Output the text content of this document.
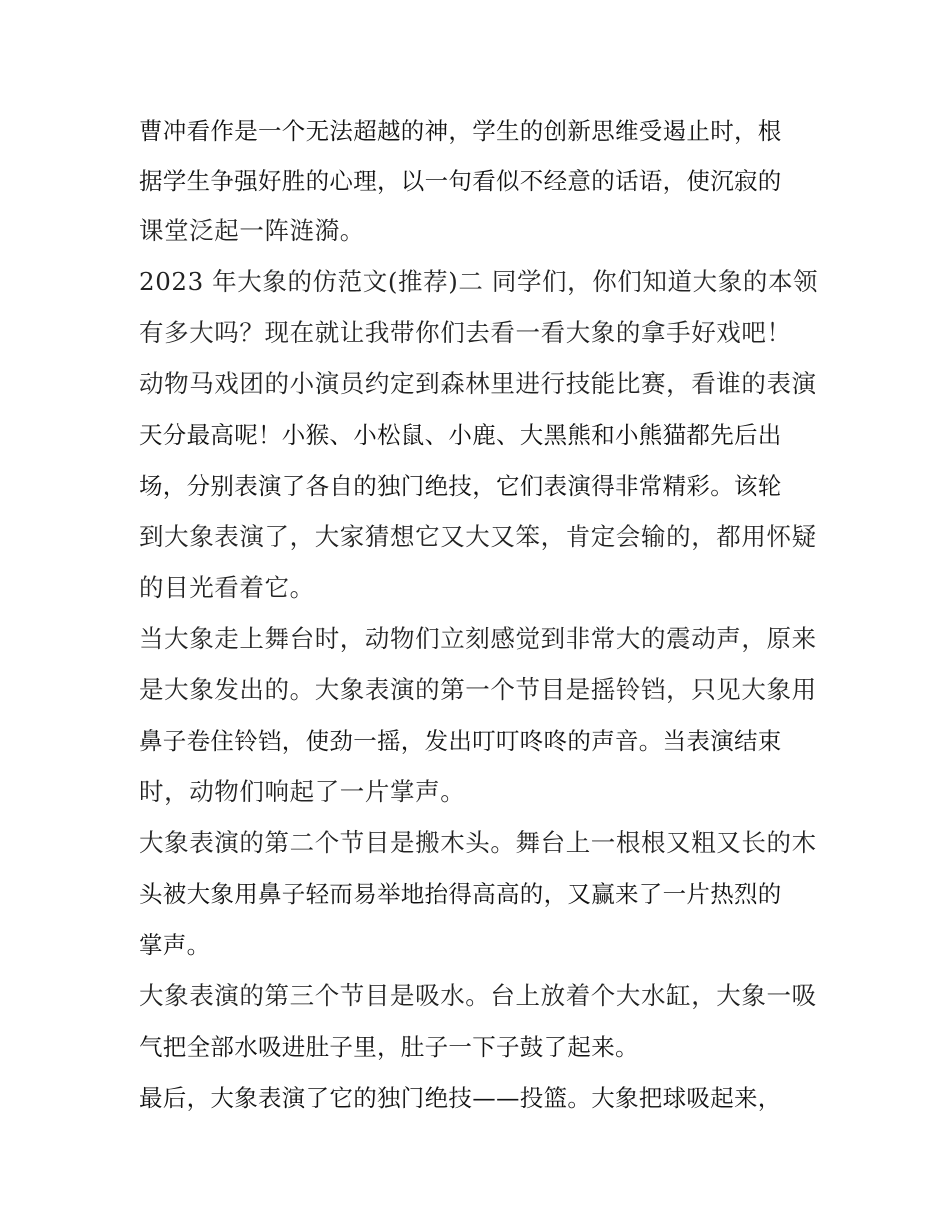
曹冲看作是一个无法超越的神，学生的创新思维受遏止时，根
据学生争强好胜的心理，以一句看似不经意的话语，使沉寂的
课堂泛起一阵涟漪。
2023 年大象的仿范文(推荐)二 同学们，你们知道大象的本领
有多大吗？现在就让我带你们去看一看大象的拿手好戏吧！
动物马戏团的小演员约定到森林里进行技能比赛，看谁的表演
天分最高呢！小猴、小松鼠、小鹿、大黑熊和小熊猫都先后出
场，分别表演了各自的独门绝技，它们表演得非常精彩。该轮
到大象表演了，大家猜想它又大又笨，肯定会输的，都用怀疑
的目光看着它。
当大象走上舞台时，动物们立刻感觉到非常大的震动声，原来
是大象发出的。大象表演的第一个节目是摇铃铛，只见大象用
鼻子卷住铃铛，使劲一摇，发出叮叮咚咚的声音。当表演结束
时，动物们响起了一片掌声。
大象表演的第二个节目是搬木头。舞台上一根根又粗又长的木
头被大象用鼻子轻而易举地抬得高高的，又赢来了一片热烈的
掌声。
大象表演的第三个节目是吸水。台上放着个大水缸，大象一吸
气把全部水吸进肚子里，肚子一下子鼓了起来。
最后，大象表演了它的独门绝技——投篮。大象把球吸起来，
